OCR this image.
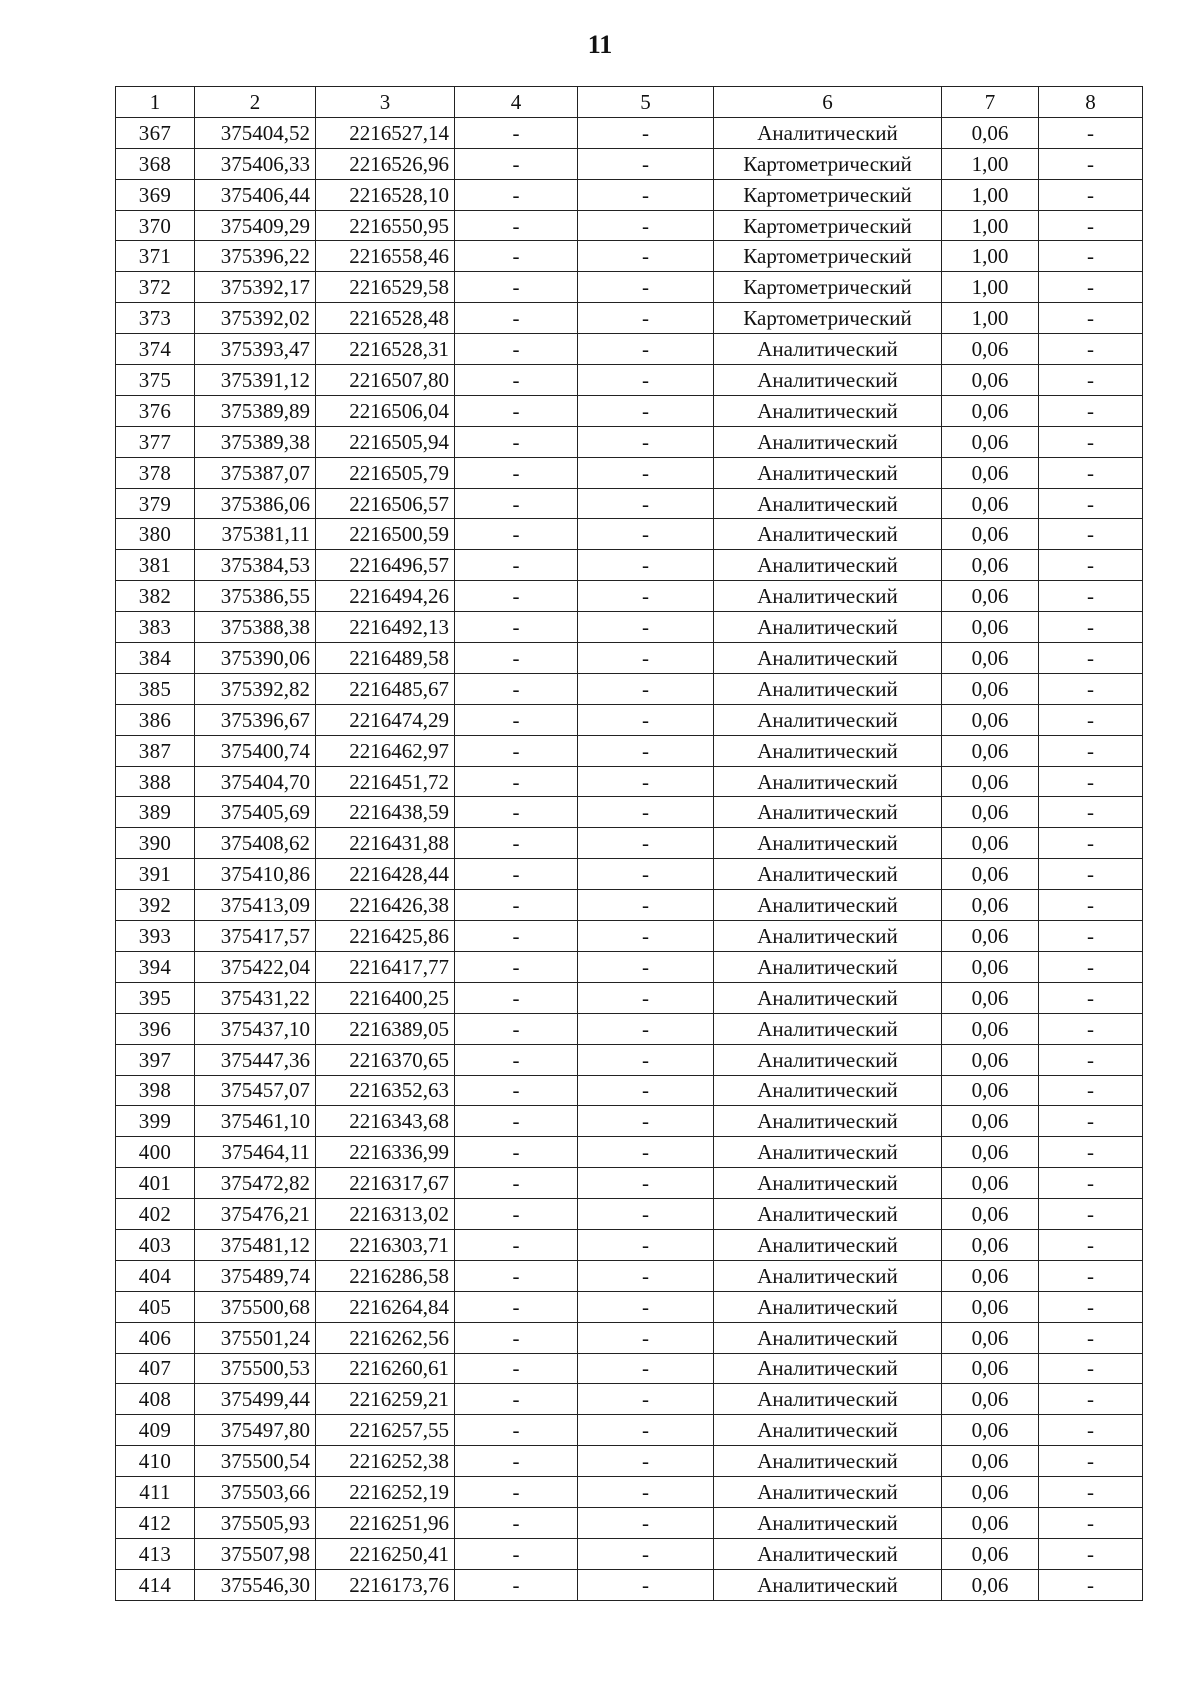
11
1	2	3	4	5	6	7	8
367	375404,52	2216527,14	-	-	Аналитический	0,06	-
368	375406,33	2216526,96	-	-	Картометрический	1,00	-
369	375406,44	2216528,10	-	-	Картометрический	1,00	-
370	375409,29	2216550,95	-	-	Картометрический	1,00	-
371	375396,22	2216558,46	-	-	Картометрический	1,00	-
372	375392,17	2216529,58	-	-	Картометрический	1,00	-
373	375392,02	2216528,48	-	-	Картометрический	1,00	-
374	375393,47	2216528,31	-	-	Аналитический	0,06	-
375	375391,12	2216507,80	-	-	Аналитический	0,06	-
376	375389,89	2216506,04	-	-	Аналитический	0,06	-
377	375389,38	2216505,94	-	-	Аналитический	0,06	-
378	375387,07	2216505,79	-	-	Аналитический	0,06	-
379	375386,06	2216506,57	-	-	Аналитический	0,06	-
380	375381,11	2216500,59	-	-	Аналитический	0,06	-
381	375384,53	2216496,57	-	-	Аналитический	0,06	-
382	375386,55	2216494,26	-	-	Аналитический	0,06	-
383	375388,38	2216492,13	-	-	Аналитический	0,06	-
384	375390,06	2216489,58	-	-	Аналитический	0,06	-
385	375392,82	2216485,67	-	-	Аналитический	0,06	-
386	375396,67	2216474,29	-	-	Аналитический	0,06	-
387	375400,74	2216462,97	-	-	Аналитический	0,06	-
388	375404,70	2216451,72	-	-	Аналитический	0,06	-
389	375405,69	2216438,59	-	-	Аналитический	0,06	-
390	375408,62	2216431,88	-	-	Аналитический	0,06	-
391	375410,86	2216428,44	-	-	Аналитический	0,06	-
392	375413,09	2216426,38	-	-	Аналитический	0,06	-
393	375417,57	2216425,86	-	-	Аналитический	0,06	-
394	375422,04	2216417,77	-	-	Аналитический	0,06	-
395	375431,22	2216400,25	-	-	Аналитический	0,06	-
396	375437,10	2216389,05	-	-	Аналитический	0,06	-
397	375447,36	2216370,65	-	-	Аналитический	0,06	-
398	375457,07	2216352,63	-	-	Аналитический	0,06	-
399	375461,10	2216343,68	-	-	Аналитический	0,06	-
400	375464,11	2216336,99	-	-	Аналитический	0,06	-
401	375472,82	2216317,67	-	-	Аналитический	0,06	-
402	375476,21	2216313,02	-	-	Аналитический	0,06	-
403	375481,12	2216303,71	-	-	Аналитический	0,06	-
404	375489,74	2216286,58	-	-	Аналитический	0,06	-
405	375500,68	2216264,84	-	-	Аналитический	0,06	-
406	375501,24	2216262,56	-	-	Аналитический	0,06	-
407	375500,53	2216260,61	-	-	Аналитический	0,06	-
408	375499,44	2216259,21	-	-	Аналитический	0,06	-
409	375497,80	2216257,55	-	-	Аналитический	0,06	-
410	375500,54	2216252,38	-	-	Аналитический	0,06	-
411	375503,66	2216252,19	-	-	Аналитический	0,06	-
412	375505,93	2216251,96	-	-	Аналитический	0,06	-
413	375507,98	2216250,41	-	-	Аналитический	0,06	-
414	375546,30	2216173,76	-	-	Аналитический	0,06	-
